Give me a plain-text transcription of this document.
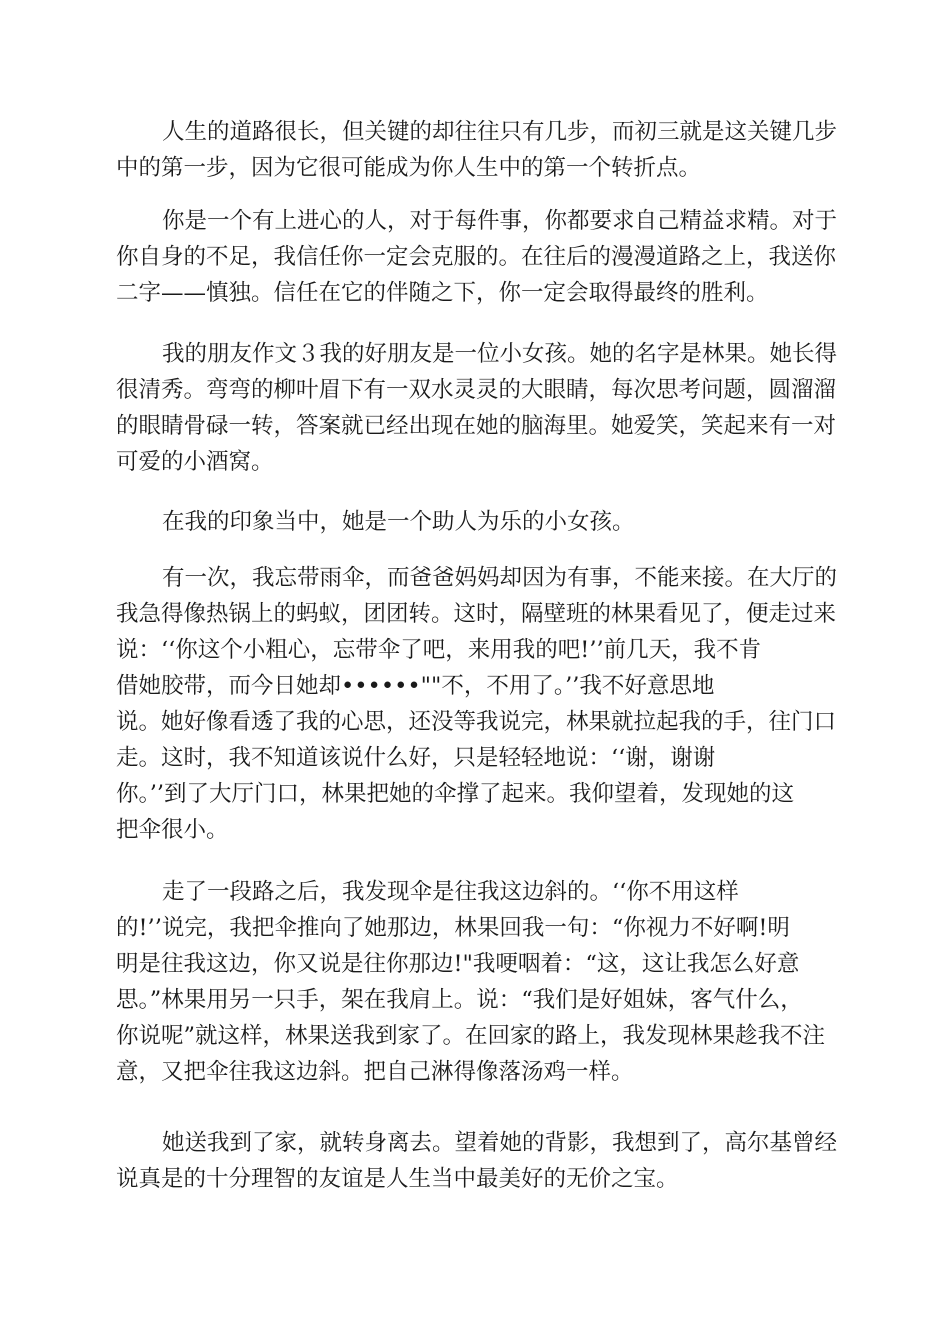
人生的道路很长，但关键的却往往只有几步，而初三就是这关键几步

中的第一步，因为它很可能成为你人生中的第一个转折点。

你是一个有上进心的人，对于每件事，你都要求自己精益求精。对于

你自身的不足，我信任你一定会克服的。在往后的漫漫道路之上，我送你

二字——慎独。信任在它的伴随之下，你一定会取得最终的胜利。

我的朋友作文３我的好朋友是一位小女孩。她的名字是林果。她长得

很清秀。弯弯的柳叶眉下有一双水灵灵的大眼睛，每次思考问题，圆溜溜

的眼睛骨碌一转，答案就已经出现在她的脑海里。她爱笑，笑起来有一对

可爱的小酒窝。

在我的印象当中，她是一个助人为乐的小女孩。

有一次，我忘带雨伞，而爸爸妈妈却因为有事，不能来接。在大厅的

我急得像热锅上的蚂蚁，团团转。这时，隔壁班的林果看见了，便走过来

说：‘‘你这个小粗心，忘带伞了吧，来用我的吧!’’前几天，我不肯

借她胶带，而今日她却••••••""不，不用了。’’我不好意思地

说。她好像看透了我的心思，还没等我说完，林果就拉起我的手，往门口

走。这时，我不知道该说什么好，只是轻轻地说：‘‘谢，谢谢

你。’’到了大厅门口，林果把她的伞撑了起来。我仰望着，发现她的这

把伞很小。

走了一段路之后，我发现伞是往我这边斜的。‘‘你不用这样

的!’’说完，我把伞推向了她那边，林果回我一句：“你视力不好啊!明

明是往我这边，你又说是往你那边!"我哽咽着：“这，这让我怎么好意

思。”林果用另一只手，架在我肩上。说：“我们是好姐妹，客气什么，

你说呢”就这样，林果送我到家了。在回家的路上，我发现林果趁我不注

意，又把伞往我这边斜。把自己淋得像落汤鸡一样。

她送我到了家，就转身离去。望着她的背影，我想到了，高尔基曾经

说真是的十分理智的友谊是人生当中最美好的无价之宝。
